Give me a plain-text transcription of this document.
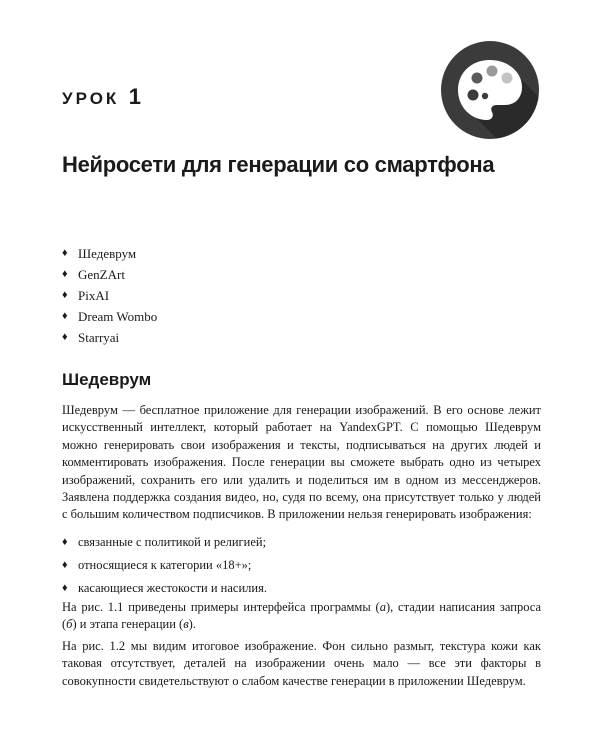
УРОК 1
Нейросети для генерации со смартфона
♦ Шедеврум
♦ GenZArt
♦ PixAI
♦ Dream Wombo
♦ Starryai
Шедеврум

Шедеврум — бесплатное приложение для генерации изображений. В его основе лежит искусственный интеллект, который работает на YandexGPT. С помощью Шедеврум можно генерировать свои изображения и тексты, подписываться на других людей и комментировать изображения. После генерации вы сможете выбрать одно из четырех изображений, сохранить его или удалить и поделиться им в одном из мессенджеров. Заявлена поддержка создания видео, но, судя по всему, она присутствует только у людей с большим количеством подписчиков. В приложении нельзя генерировать изображения:

♦ связанные с политикой и религией;
♦ относящиеся к категории «18+»;
♦ касающиеся жестокости и насилия.

На рис. 1.1 приведены примеры интерфейса программы (а), стадии написания запроса (б) и этапа генерации (в).

На рис. 1.2 мы видим итоговое изображение. Фон сильно размыт, текстура кожи как таковая отсутствует, деталей на изображении очень мало — все эти факторы в совокупности свидетельствуют о слабом качестве генерации в приложении Шедеврум.
